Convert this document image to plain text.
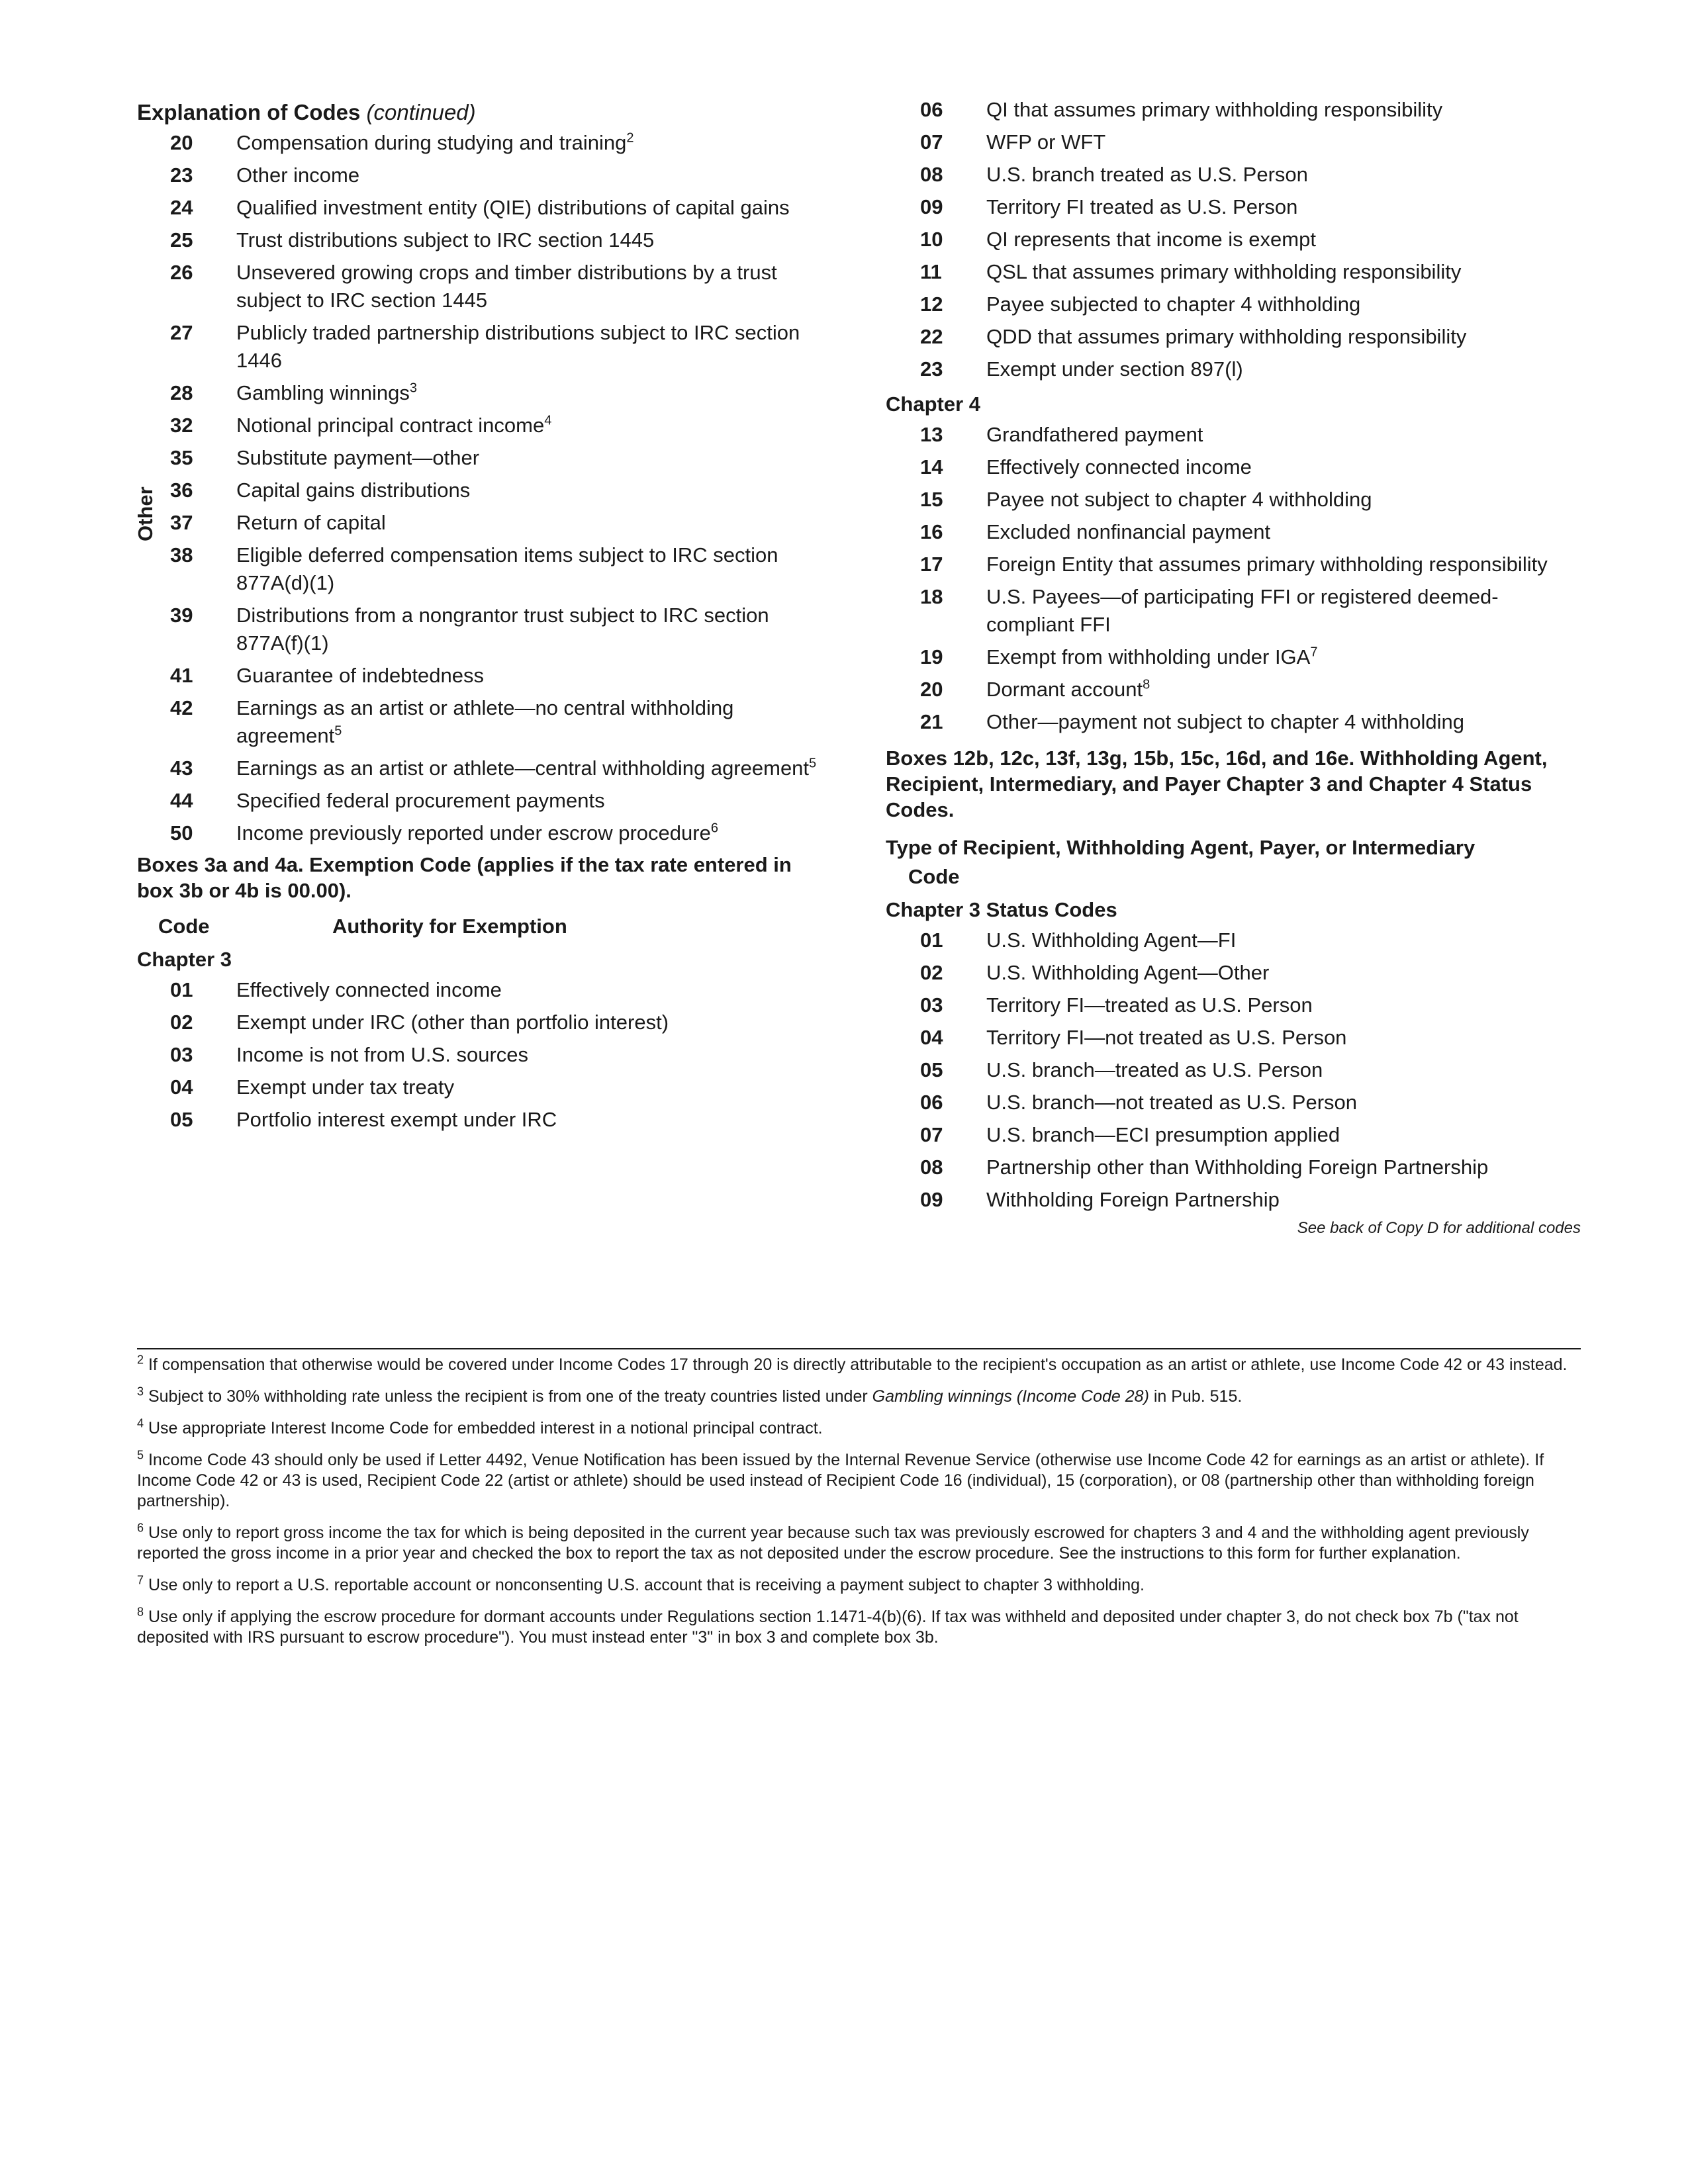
Explanation of Codes (continued)
20	Compensation during studying and training$^2$
23	Other income
24	Qualified investment entity (QIE) distributions of capital gains
25	Trust distributions subject to IRC section 1445
26	Unsevered growing crops and timber distributions by a trust subject to IRC section 1445
27	Publicly traded partnership distributions subject to IRC section 1446
28	Gambling winnings$^3$
32	Notional principal contract income$^4$
35	Substitute payment—other
36	Capital gains distributions
37	Return of capital
38	Eligible deferred compensation items subject to IRC section 877A(d)(1)
39	Distributions from a nongrantor trust subject to IRC section 877A(f)(1)
41	Guarantee of indebtedness
42	Earnings as an artist or athlete—no central withholding agreement$^5$
43	Earnings as an artist or athlete—central withholding agreement$^5$
44	Specified federal procurement payments
50	Income previously reported under escrow procedure$^6$
Boxes 3a and 4a. Exemption Code (applies if the tax rate entered in box 3b or 4b is 00.00).
Code	Authority for Exemption
Chapter 3
01	Effectively connected income
02	Exempt under IRC (other than portfolio interest)
03	Income is not from U.S. sources
04	Exempt under tax treaty
05	Portfolio interest exempt under IRC
Other
06	QI that assumes primary withholding responsibility
07	WFP or WFT
08	U.S. branch treated as U.S. Person
09	Territory FI treated as U.S. Person
10	QI represents that income is exempt
11	QSL that assumes primary withholding responsibility
12	Payee subjected to chapter 4 withholding
22	QDD that assumes primary withholding responsibility
23	Exempt under section 897(l)
Chapter 4
13	Grandfathered payment
14	Effectively connected income
15	Payee not subject to chapter 4 withholding
16	Excluded nonfinancial payment
17	Foreign Entity that assumes primary withholding responsibility
18	U.S. Payees—of participating FFI or registered deemed-compliant FFI
19	Exempt from withholding under IGA$^7$
20	Dormant account$^8$
21	Other—payment not subject to chapter 4 withholding
Boxes 12b, 12c, 13f, 13g, 15b, 15c, 16d, and 16e. Withholding Agent, Recipient, Intermediary, and Payer Chapter 3 and Chapter 4 Status Codes.
Type of Recipient, Withholding Agent, Payer, or Intermediary
Code
Chapter 3 Status Codes
01	U.S. Withholding Agent—FI
02	U.S. Withholding Agent—Other
03	Territory FI—treated as U.S. Person
04	Territory FI—not treated as U.S. Person
05	U.S. branch—treated as U.S. Person
06	U.S. branch—not treated as U.S. Person
07	U.S. branch—ECI presumption applied
08	Partnership other than Withholding Foreign Partnership
09	Withholding Foreign Partnership
See back of Copy D for additional codes
$^2$ If compensation that otherwise would be covered under Income Codes 17 through 20 is directly attributable to the recipient's occupation as an artist or athlete, use Income Code 42 or 43 instead.
$^3$ Subject to 30% withholding rate unless the recipient is from one of the treaty countries listed under Gambling winnings (Income Code 28) in Pub. 515.
$^4$ Use appropriate Interest Income Code for embedded interest in a notional principal contract.
$^5$ Income Code 43 should only be used if Letter 4492, Venue Notification has been issued by the Internal Revenue Service (otherwise use Income Code 42 for earnings as an artist or athlete). If Income Code 42 or 43 is used, Recipient Code 22 (artist or athlete) should be used instead of Recipient Code 16 (individual), 15 (corporation), or 08 (partnership other than withholding foreign partnership).
$^6$ Use only to report gross income the tax for which is being deposited in the current year because such tax was previously escrowed for chapters 3 and 4 and the withholding agent previously reported the gross income in a prior year and checked the box to report the tax as not deposited under the escrow procedure. See the instructions to this form for further explanation.
$^7$ Use only to report a U.S. reportable account or nonconsenting U.S. account that is receiving a payment subject to chapter 3 withholding.
$^8$ Use only if applying the escrow procedure for dormant accounts under Regulations section 1.1471-4(b)(6). If tax was withheld and deposited under chapter 3, do not check box 7b ("tax not deposited with IRS pursuant to escrow procedure"). You must instead enter "3" in box 3 and complete box 3b.
